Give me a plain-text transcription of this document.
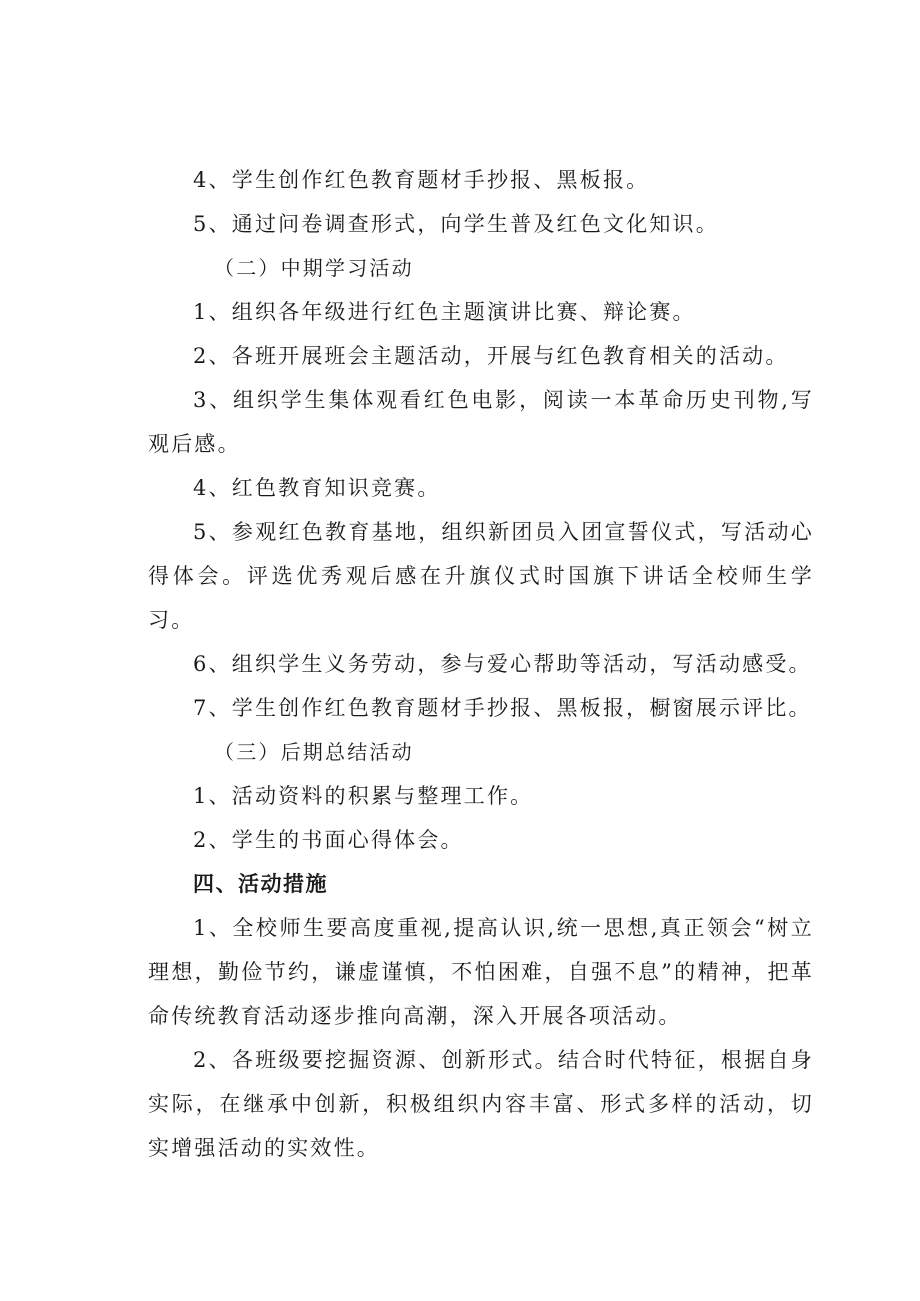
4、学生创作红色教育题材手抄报、黑板报。

5、通过问卷调查形式，向学生普及红色文化知识。

（二）中期学习活动

1、组织各年级进行红色主题演讲比赛、辩论赛。

2、各班开展班会主题活动，开展与红色教育相关的活动。

3、组织学生集体观看红色电影，阅读一本革命历史刊物,写观后感。

4、红色教育知识竞赛。

5、参观红色教育基地，组织新团员入团宣誓仪式，写活动心得体会。评选优秀观后感在升旗仪式时国旗下讲话全校师生学习。

6、组织学生义务劳动，参与爱心帮助等活动，写活动感受。

7、学生创作红色教育题材手抄报、黑板报，橱窗展示评比。

（三）后期总结活动

1、活动资料的积累与整理工作。

2、学生的书面心得体会。

四、活动措施

1、全校师生要高度重视,提高认识,统一思想,真正领会“树立理想，勤俭节约，谦虚谨慎，不怕困难，自强不息”的精神，把革命传统教育活动逐步推向高潮，深入开展各项活动。

2、各班级要挖掘资源、创新形式。结合时代特征，根据自身实际，在继承中创新，积极组织内容丰富、形式多样的活动，切实增强活动的实效性。
